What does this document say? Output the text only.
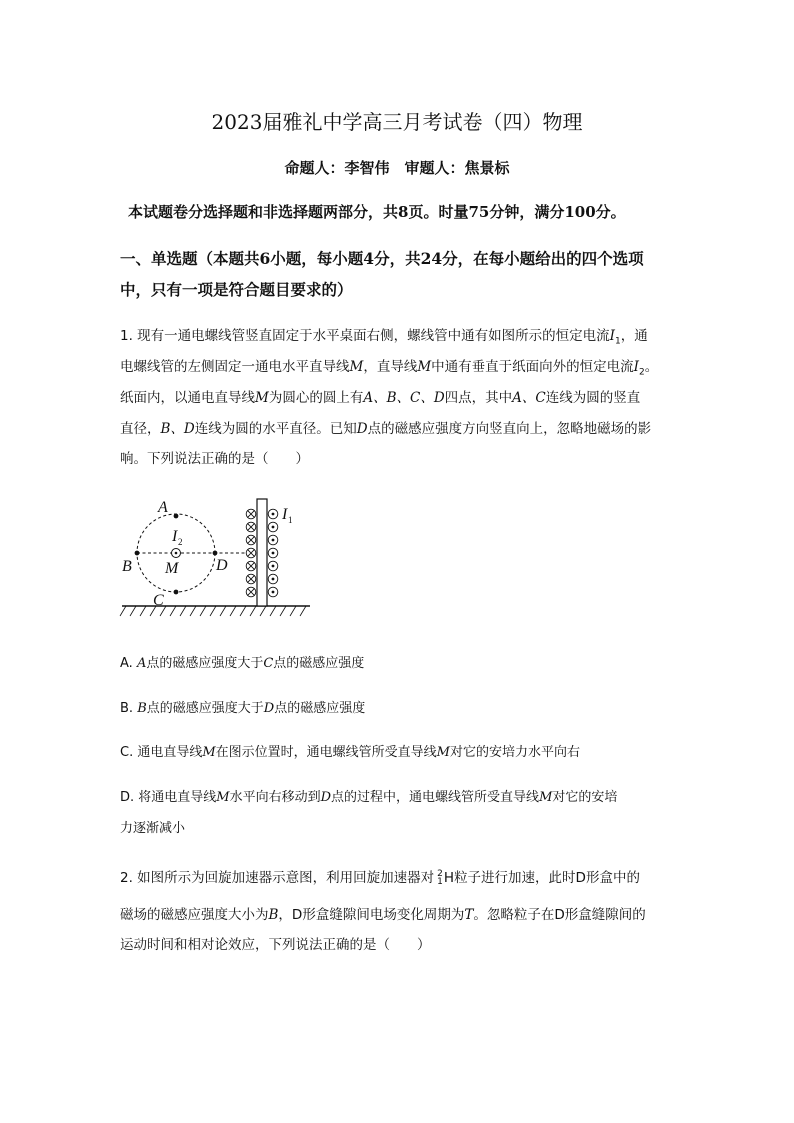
2023届雅礼中学高三月考试卷（四）物理
命题人：李智伟　审题人：焦景标
本试题卷分选择题和非选择题两部分，共8页。时量75分钟，满分100分。
一、单选题（本题共6小题，每小题4分，共24分，在每小题给出的四个选项
中，只有一项是符合题目要求的）
1. 现有一通电螺线管竖直固定于水平桌面右侧，螺线管中通有如图所示的恒定电流$I_1$，通
电螺线管的左侧固定一通电水平直导线M，直导线M中通有垂直于纸面向外的恒定电流$I_2$。
纸面内，以通电直导线M为圆心的圆上有A、B、C、D四点，其中A、C连线为圆的竖直
直径，B、D连线为圆的水平直径。已知D点的磁感应强度方向竖直向上，忽略地磁场的影
响。下列说法正确的是（　　）
A
B
C
D
M
I
I
2
1
A. A点的磁感应强度大于C点的磁感应强度
B. B点的磁感应强度大于D点的磁感应强度
C. 通电直导线M在图示位置时，通电螺线管所受直导线M对它的安培力水平向右
D. 将通电直导线M水平向右移动到D点的过程中，通电螺线管所受直导线M对它的安培
力逐渐减小
2. 如图所示为回旋加速器示意图，利用回旋加速器对 2
1 H粒子进行加速，此时D形盒中的
磁场的磁感应强度大小为B，D形盒缝隙间电场变化周期为T。忽略粒子在D形盒缝隙间的
运动时间和相对论效应，下列说法正确的是（　　）
